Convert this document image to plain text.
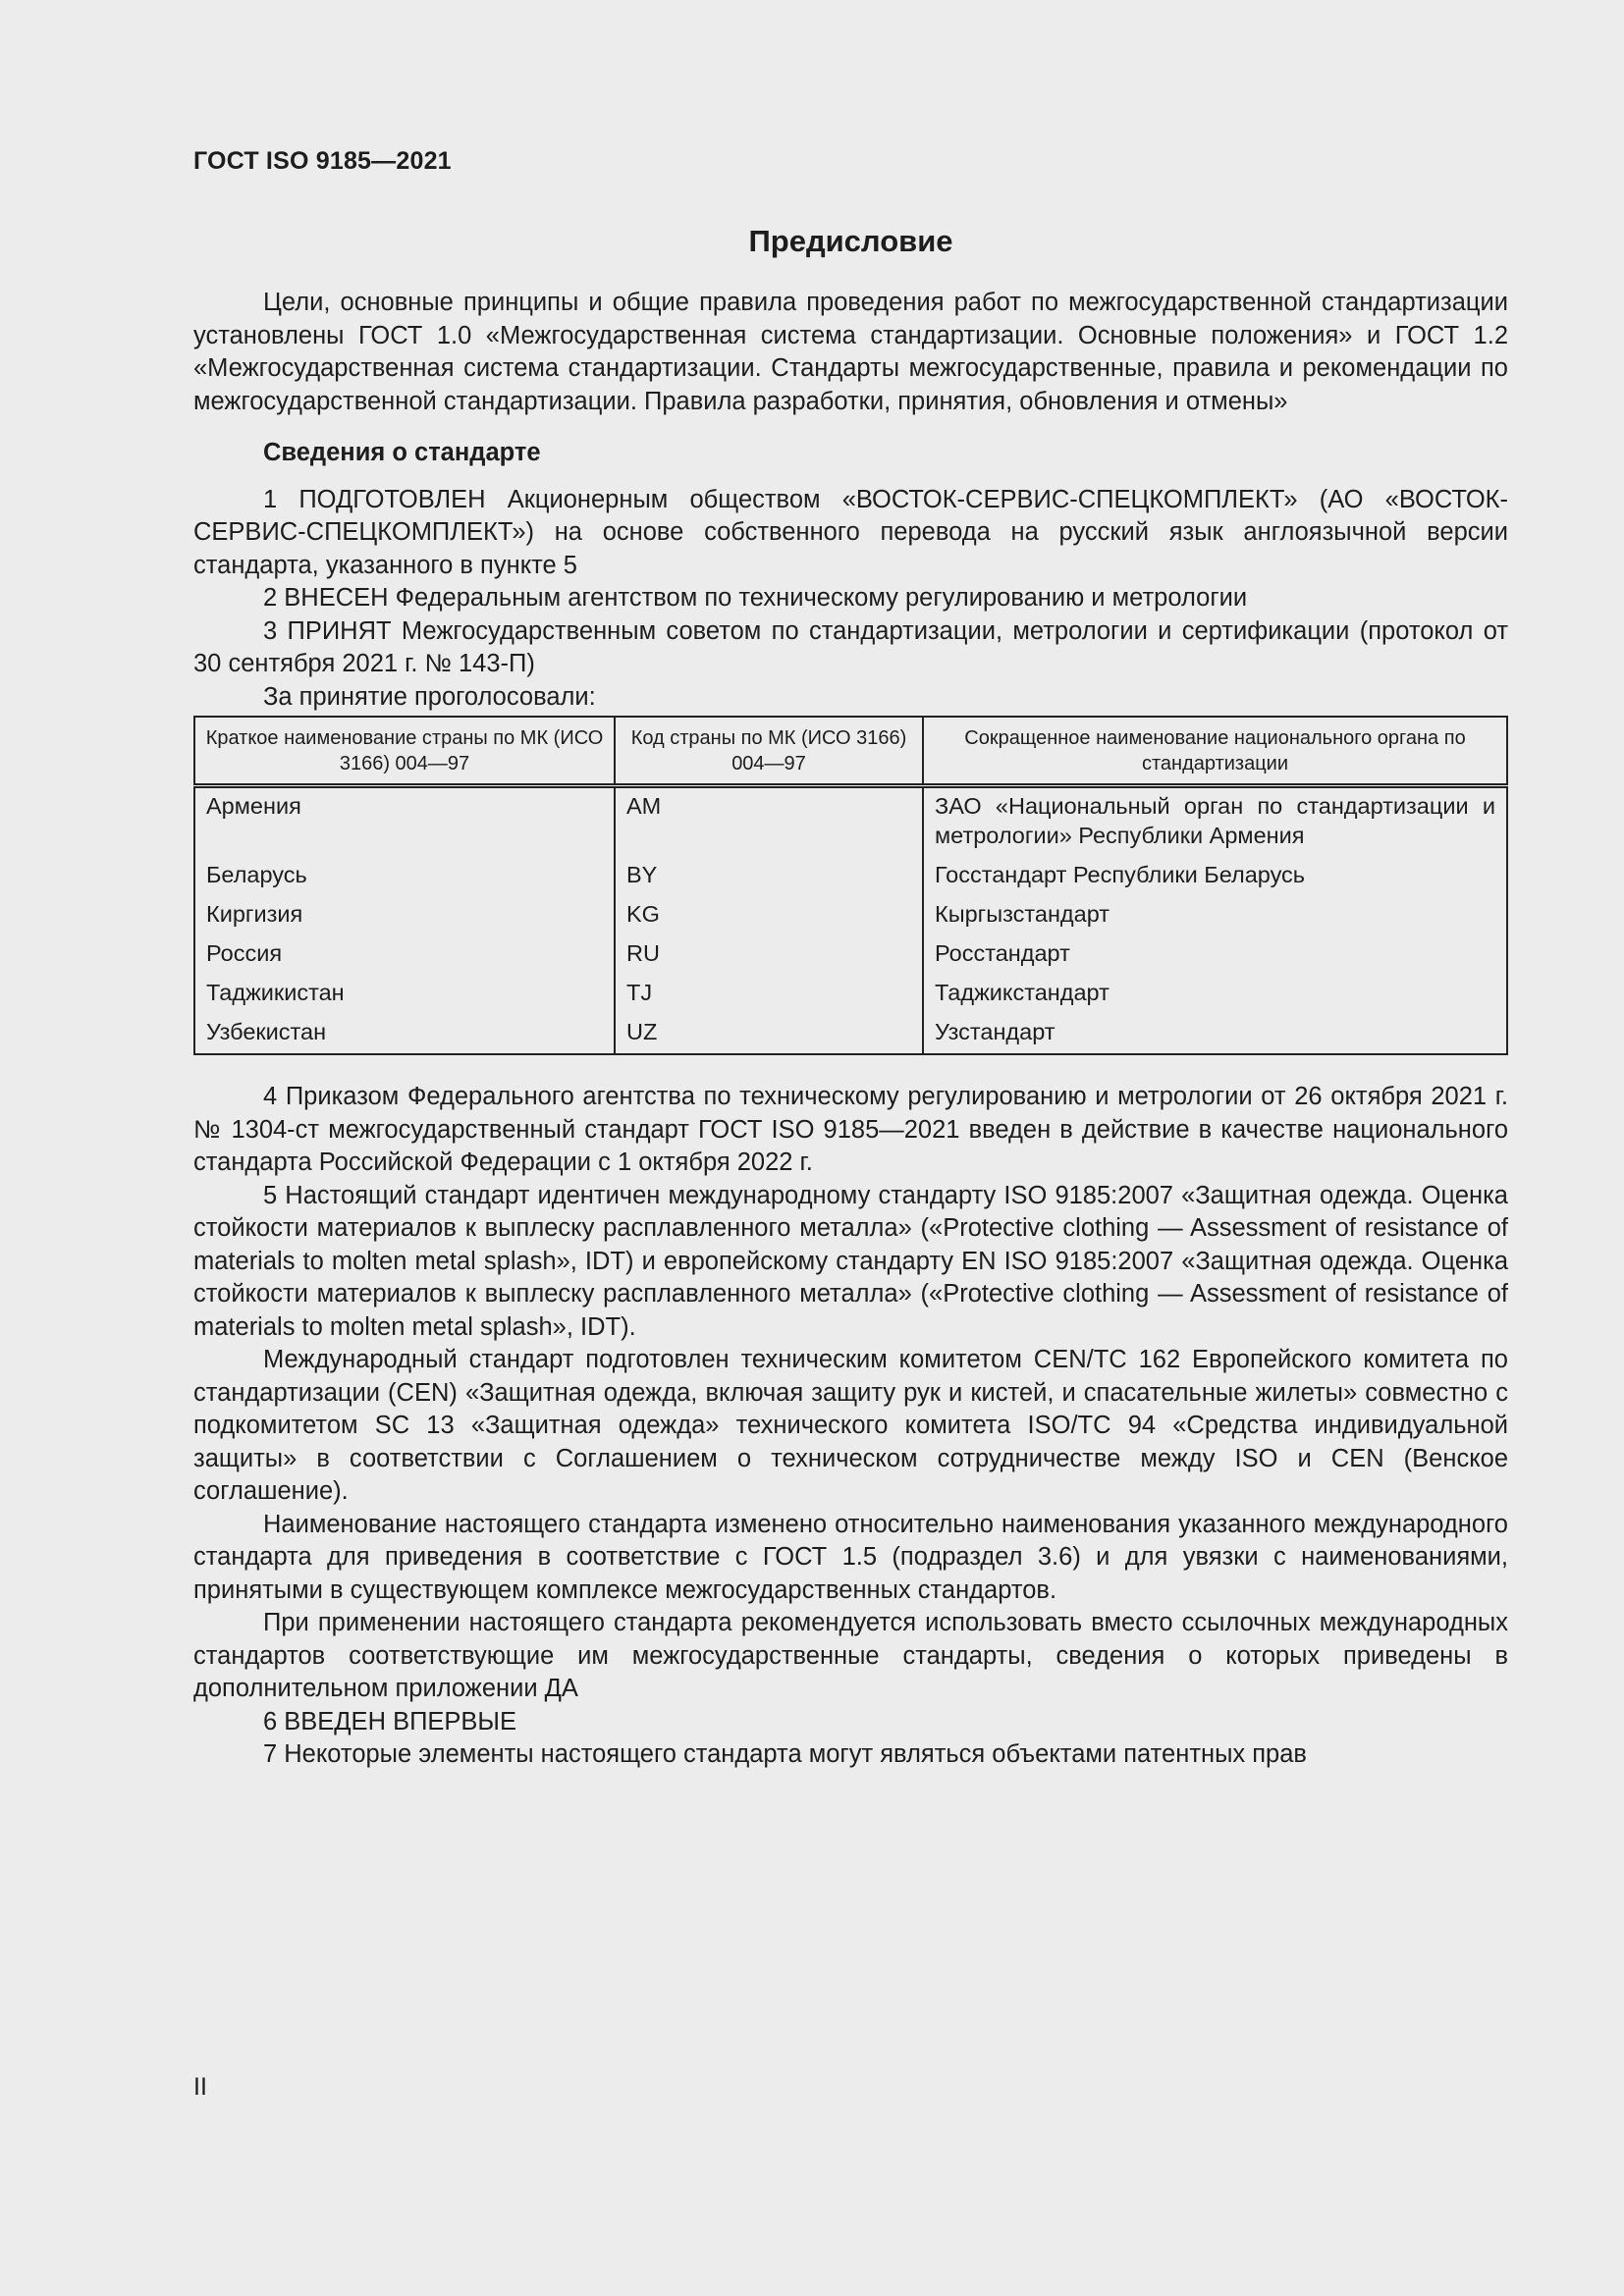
ГОСТ ISO 9185—2021
Предисловие

Цели, основные принципы и общие правила проведения работ по межгосударственной стандартизации установлены ГОСТ 1.0 «Межгосударственная система стандартизации. Основные положения» и ГОСТ 1.2 «Межгосударственная система стандартизации. Стандарты межгосударственные, правила и рекомендации по межгосударственной стандартизации. Правила разработки, принятия, обновления и отмены»

Сведения о стандарте

1 ПОДГОТОВЛЕН Акционерным обществом «ВОСТОК-СЕРВИС-СПЕЦКОМПЛЕКТ» (АО «ВОСТОК-СЕРВИС-СПЕЦКОМПЛЕКТ») на основе собственного перевода на русский язык англоязычной версии стандарта, указанного в пункте 5

2 ВНЕСЕН Федеральным агентством по техническому регулированию и метрологии

3 ПРИНЯТ Межгосударственным советом по стандартизации, метрологии и сертификации (протокол от 30 сентября 2021 г. № 143-П)

За принятие проголосовали:

Краткое наименование страны по МК (ИСО 3166) 004—97	Код страны по МК (ИСО 3166) 004—97	Сокращенное наименование национального органа по стандартизации
Армения	AM	ЗАО «Национальный орган по стандартизации и метрологии» Республики Армения
Беларусь	BY	Госстандарт Республики Беларусь
Киргизия	KG	Кыргызстандарт
Россия	RU	Росстандарт
Таджикистан	TJ	Таджикстандарт
Узбекистан	UZ	Узстандарт

4 Приказом Федерального агентства по техническому регулированию и метрологии от 26 октября 2021 г. № 1304-ст межгосударственный стандарт ГОСТ ISO 9185—2021 введен в действие в качестве национального стандарта Российской Федерации с 1 октября 2022 г.

5 Настоящий стандарт идентичен международному стандарту ISO 9185:2007 «Защитная одежда. Оценка стойкости материалов к выплеску расплавленного металла» («Protective clothing — Assessment of resistance of materials to molten metal splash», IDT) и европейскому стандарту EN ISO 9185:2007 «Защитная одежда. Оценка стойкости материалов к выплеску расплавленного металла» («Protective clothing — Assessment of resistance of materials to molten metal splash», IDT).

Международный стандарт подготовлен техническим комитетом CEN/TC 162 Европейского комитета по стандартизации (CEN) «Защитная одежда, включая защиту рук и кистей, и спасательные жилеты» совместно с подкомитетом SC 13 «Защитная одежда» технического комитета ISO/TC 94 «Средства индивидуальной защиты» в соответствии с Соглашением о техническом сотрудничестве между ISO и CEN (Венское соглашение).

Наименование настоящего стандарта изменено относительно наименования указанного международного стандарта для приведения в соответствие с ГОСТ 1.5 (подраздел 3.6) и для увязки с наименованиями, принятыми в существующем комплексе межгосударственных стандартов.

При применении настоящего стандарта рекомендуется использовать вместо ссылочных международных стандартов соответствующие им межгосударственные стандарты, сведения о которых приведены в дополнительном приложении ДА

6 ВВЕДЕН ВПЕРВЫЕ

7 Некоторые элементы настоящего стандарта могут являться объектами патентных прав

II
